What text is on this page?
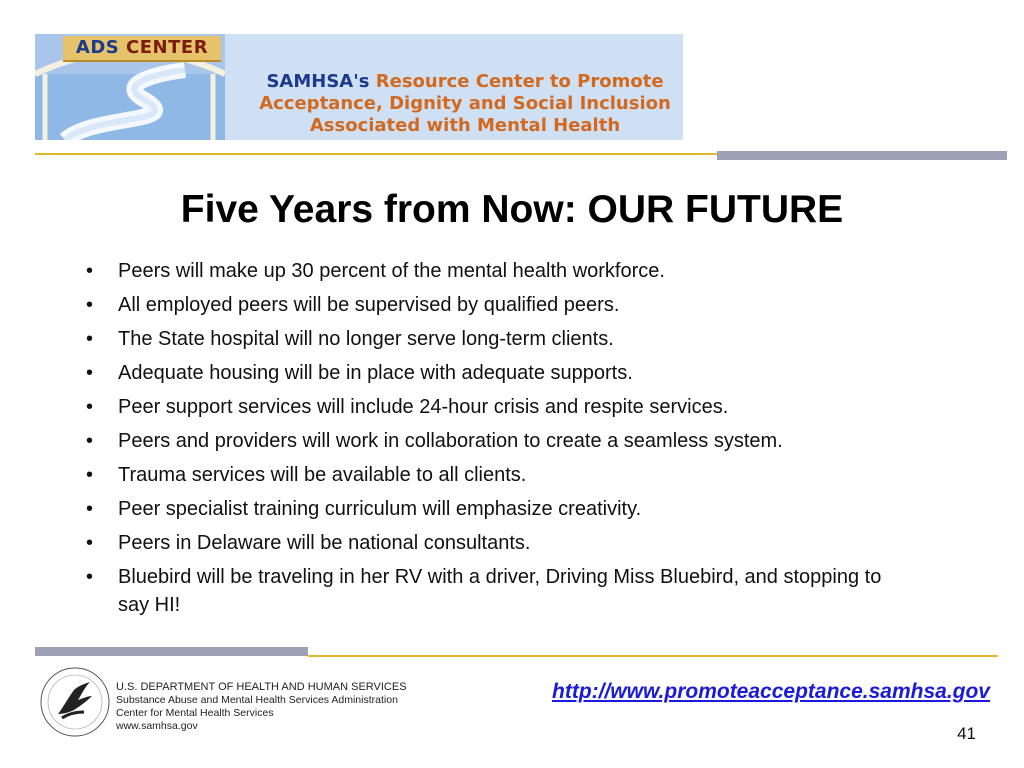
ADS CENTER
SAMHSA's Resource Center to Promote
Acceptance, Dignity and Social Inclusion
Associated with Mental Health
Five Years from Now: OUR FUTURE
• Peers will make up 30 percent of the mental health workforce.
• All employed peers will be supervised by qualified peers.
• The State hospital will no longer serve long-term clients.
• Adequate housing will be in place with adequate supports.
• Peer support services will include 24-hour crisis and respite services.
• Peers and providers will work in collaboration to create a seamless system.
• Trauma services will be available to all clients.
• Peer specialist training curriculum will emphasize creativity.
• Peers in Delaware will be national consultants.
• Bluebird will be traveling in her RV with a driver, Driving Miss Bluebird, and stopping to say HI!
U.S. DEPARTMENT OF HEALTH AND HUMAN SERVICES
Substance Abuse and Mental Health Services Administration
Center for Mental Health Services
www.samhsa.gov
http://www.promoteacceptance.samhsa.gov
41
